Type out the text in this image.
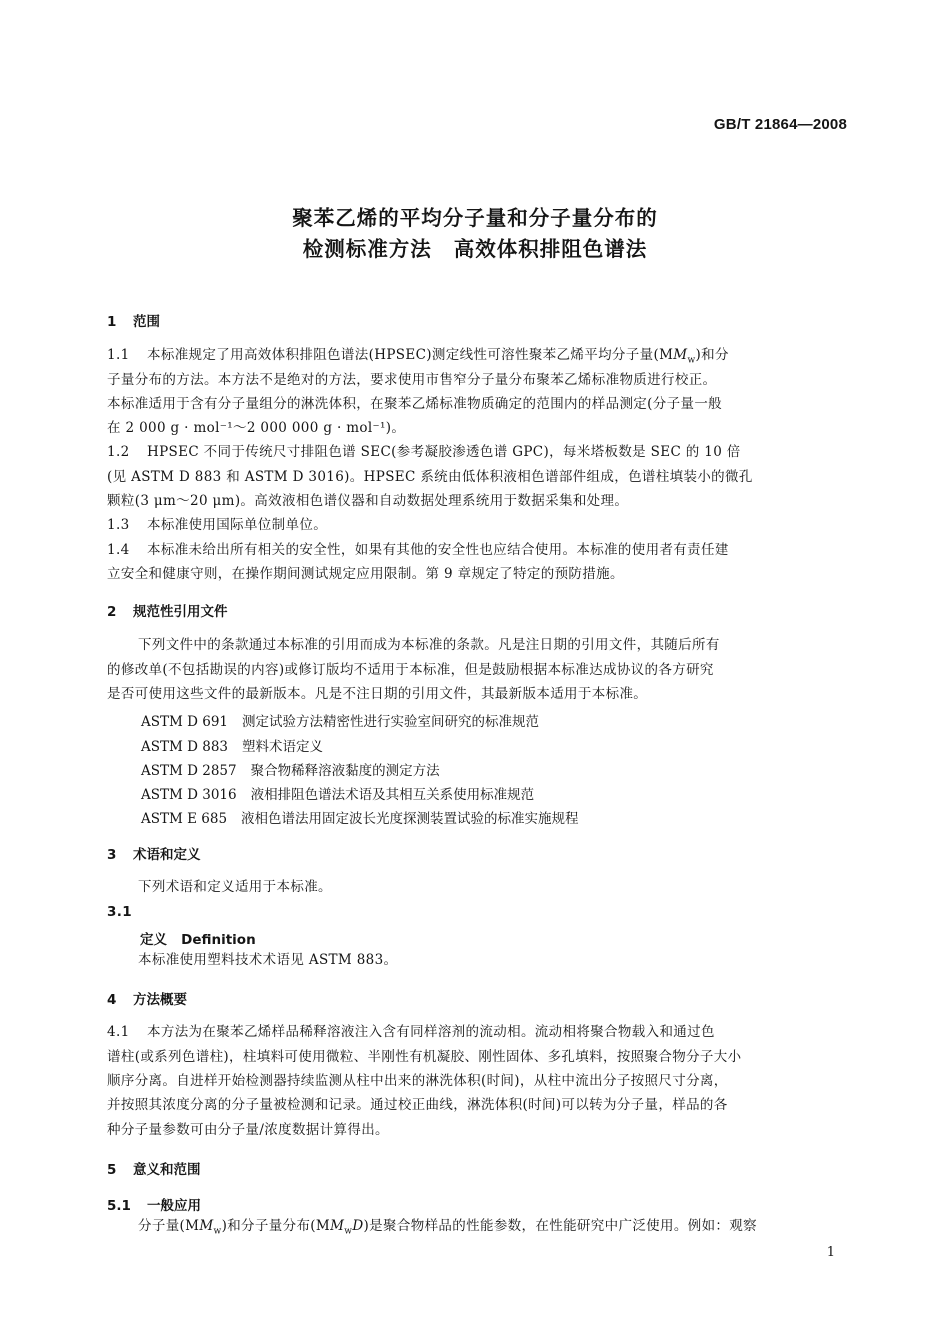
GB/T 21864—2008
聚苯乙烯的平均分子量和分子量分布的
检测标准方法 高效体积排阻色谱法
1 范围
1.1 本标准规定了用高效体积排阻色谱法(HPSEC)测定线性可溶性聚苯乙烯平均分子量$(MM_w)$和分
子量分布的方法。本方法不是绝对的方法，要求使用市售窄分子量分布聚苯乙烯标准物质进行校正。
本标准适用于含有分子量组分的淋洗体积，在聚苯乙烯标准物质确定的范围内的样品测定(分子量一般
在 2 000 g · mol⁻¹～2 000 000 g · mol⁻¹)。
1.2 HPSEC 不同于传统尺寸排阻色谱 SEC(参考凝胶渗透色谱 GPC)，每米塔板数是 SEC 的 10 倍
(见 ASTM D 883 和 ASTM D 3016)。HPSEC 系统由低体积液相色谱部件组成，色谱柱填装小的微孔
颗粒(3 μm～20 μm)。高效液相色谱仪器和自动数据处理系统用于数据采集和处理。
1.3 本标准使用国际单位制单位。
1.4 本标准未给出所有相关的安全性，如果有其他的安全性也应结合使用。本标准的使用者有责任建
立安全和健康守则，在操作期间测试规定应用限制。第 9 章规定了特定的预防措施。
2 规范性引用文件
下列文件中的条款通过本标准的引用而成为本标准的条款。凡是注日期的引用文件，其随后所有
的修改单(不包括勘误的内容)或修订版均不适用于本标准，但是鼓励根据本标准达成协议的各方研究
是否可使用这些文件的最新版本。凡是不注日期的引用文件，其最新版本适用于本标准。
ASTM D 691 测定试验方法精密性进行实验室间研究的标准规范
ASTM D 883 塑料术语定义
ASTM D 2857 聚合物稀释溶液黏度的测定方法
ASTM D 3016 液相排阻色谱法术语及其相互关系使用标准规范
ASTM E 685 液相色谱法用固定波长光度探测装置试验的标准实施规程
3 术语和定义
下列术语和定义适用于本标准。
3.1
定义 Definition
本标准使用塑料技术术语见 ASTM 883。
4 方法概要
4.1 本方法为在聚苯乙烯样品稀释溶液注入含有同样溶剂的流动相。流动相将聚合物载入和通过色
谱柱(或系列色谱柱)，柱填料可使用微粒、半刚性有机凝胶、刚性固体、多孔填料，按照聚合物分子大小
顺序分离。自进样开始检测器持续监测从柱中出来的淋洗体积(时间)，从柱中流出分子按照尺寸分离，
并按照其浓度分离的分子量被检测和记录。通过校正曲线，淋洗体积(时间)可以转为分子量，样品的各
种分子量参数可由分子量/浓度数据计算得出。
5 意义和范围
5.1 一般应用
分子量$(MM_w)$和分子量分布$(MM_wD)$是聚合物样品的性能参数，在性能研究中广泛使用。例如：观察
1
